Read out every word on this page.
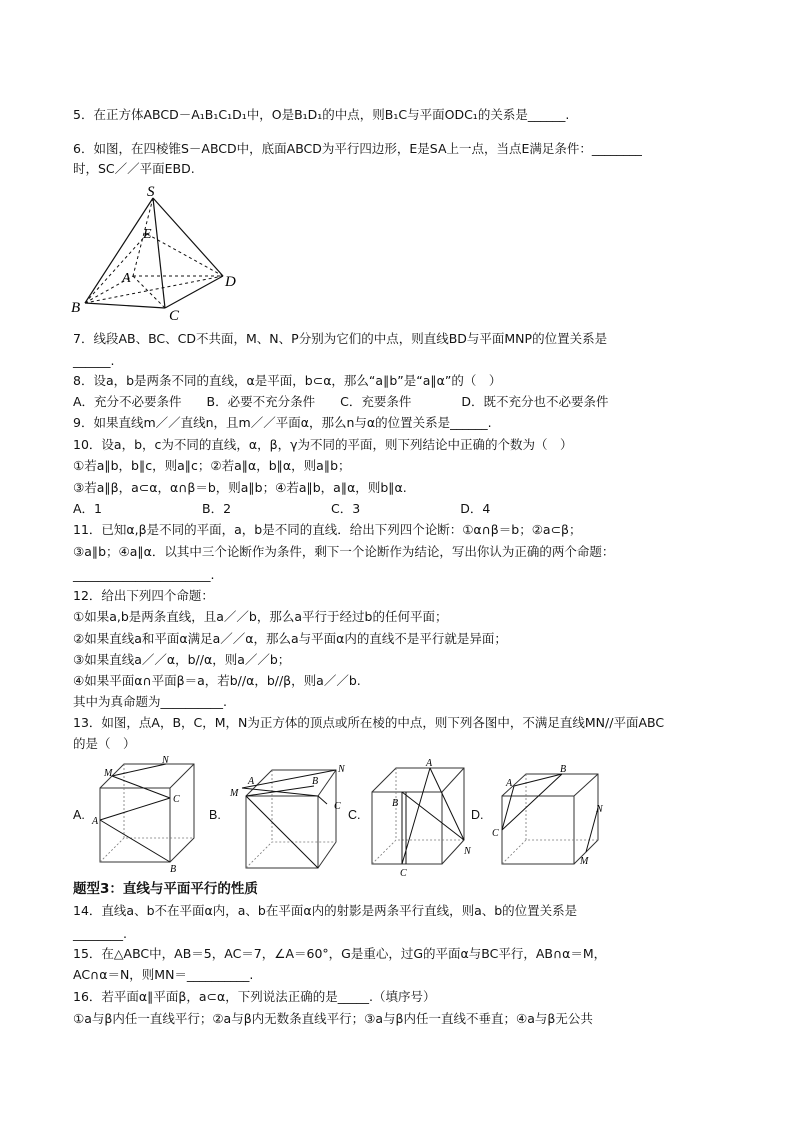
5．在正方体ABCD－A₁B₁C₁D₁中，O是B₁D₁的中点，则B₁C与平面ODC₁的关系是______.
6．如图，在四棱锥S－ABCD中，底面ABCD为平行四边形，E是SA上一点，当点E满足条件：________
时，SC／／平面EBD.
S
E
A
B	C
D
7．线段AB、BC、CD不共面，M、N、P分别为它们的中点，则直线BD与平面MNP的位置关系是
______.
8．设a，b是两条不同的直线，α是平面，b⊂α，那么“a∥b”是“a∥α”的（　）
A．充分不必要条件　　B．必要不充分条件　　C．充要条件　　　　D．既不充分也不必要条件
9．如果直线m／／直线n，且m／／平面α，那么n与α的位置关系是______.
10．设a，b，c为不同的直线，α，β，γ为不同的平面，则下列结论中正确的个数为（　）
①若a∥b，b∥c，则a∥c；②若a∥α，b∥α，则a∥b；
③若a∥β，a⊂α，α∩β＝b，则a∥b；④若a∥b，a∥α，则b∥α.
A．1　　　　　　　　B．2　　　　　　　　C．3　　　　　　　　D．4
11．已知α,β是不同的平面，a，b是不同的直线．给出下列四个论断：①α∩β＝b；②a⊂β；
③a∥b；④a∥α．以其中三个论断作为条件，剩下一个论断作为结论，写出你认为正确的两个命题：
______________________.
12．给出下列四个命题：
①如果a,b是两条直线，且a／／b，那么a平行于经过b的任何平面；
②如果直线a和平面α满足a／／α，那么a与平面α内的直线不是平行就是异面；
③如果直线a／／α，b//α，则a／／b；
④如果平面α∩平面β＝a，若b//α，b//β，则a／／b.
其中为真命题为__________.
13．如图，点A，B，C，M，N为正方体的顶点或所在棱的中点，则下列各图中，不满足直线MN//平面ABC
的是（　）
A.	B.	C.	D.
M
N
A
B
C
A
M
N
B
C
A
B
N
C
A
B
C
N
M
题型3：直线与平面平行的性质
14．直线a、b不在平面α内，a、b在平面α内的射影是两条平行直线，则a、b的位置关系是
________.
15．在△ABC中，AB＝5，AC＝7，∠A＝60°，G是重心，过G的平面α与BC平行，AB∩α＝M，
AC∩α＝N，则MN＝__________.
16．若平面α∥平面β，a⊂α，下列说法正确的是_____.（填序号）
①a与β内任一直线平行；②a与β内无数条直线平行；③a与β内任一直线不垂直；④a与β无公共
